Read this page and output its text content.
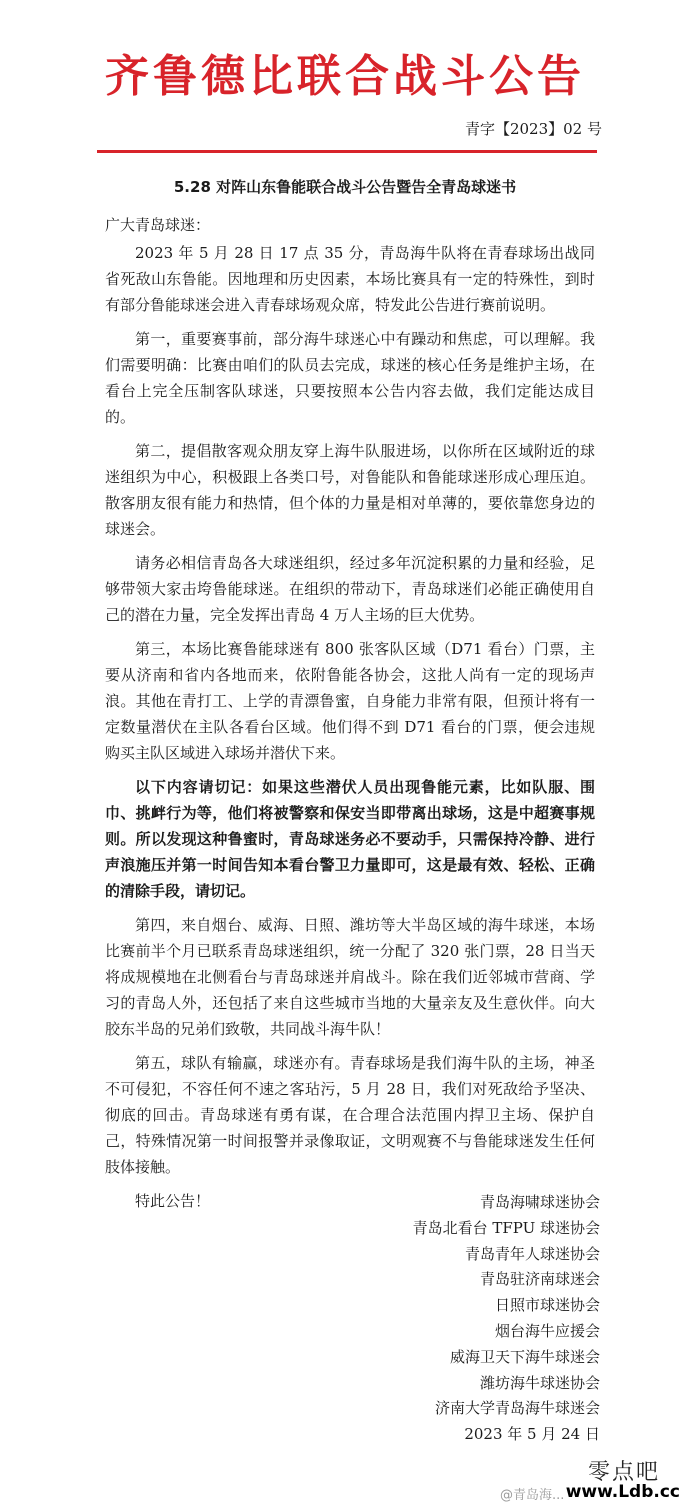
齐鲁德比联合战斗公告
青字【2023】02 号
5.28 对阵山东鲁能联合战斗公告暨告全青岛球迷书

广大青岛球迷：

2023 年 5 月 28 日 17 点 35 分，青岛海牛队将在青春球场出战同省死敌山东鲁能。因地理和历史因素，本场比赛具有一定的特殊性，到时有部分鲁能球迷会进入青春球场观众席，特发此公告进行赛前说明。

第一，重要赛事前，部分海牛球迷心中有躁动和焦虑，可以理解。我们需要明确：比赛由咱们的队员去完成，球迷的核心任务是维护主场，在看台上完全压制客队球迷，只要按照本公告内容去做，我们定能达成目的。

第二，提倡散客观众朋友穿上海牛队服进场，以你所在区域附近的球迷组织为中心，积极跟上各类口号，对鲁能队和鲁能球迷形成心理压迫。散客朋友很有能力和热情，但个体的力量是相对单薄的，要依靠您身边的球迷会。

请务必相信青岛各大球迷组织，经过多年沉淀积累的力量和经验，足够带领大家击垮鲁能球迷。在组织的带动下，青岛球迷们必能正确使用自己的潜在力量，完全发挥出青岛 4 万人主场的巨大优势。

第三，本场比赛鲁能球迷有 800 张客队区域（D71 看台）门票，主要从济南和省内各地而来，依附鲁能各协会，这批人尚有一定的现场声浪。其他在青打工、上学的青漂鲁蜜，自身能力非常有限，但预计将有一定数量潜伏在主队各看台区域。他们得不到 D71 看台的门票，便会违规购买主队区域进入球场并潜伏下来。

以下内容请切记：如果这些潜伏人员出现鲁能元素，比如队服、围巾、挑衅行为等，他们将被警察和保安当即带离出球场，这是中超赛事规则。所以发现这种鲁蜜时，青岛球迷务必不要动手，只需保持冷静、进行声浪施压并第一时间告知本看台警卫力量即可，这是最有效、轻松、正确的清除手段，请切记。

第四，来自烟台、威海、日照、潍坊等大半岛区域的海牛球迷，本场比赛前半个月已联系青岛球迷组织，统一分配了 320 张门票，28 日当天将成规模地在北侧看台与青岛球迷并肩战斗。除在我们近邻城市营商、学习的青岛人外，还包括了来自这些城市当地的大量亲友及生意伙伴。向大胶东半岛的兄弟们致敬，共同战斗海牛队！

第五，球队有输赢，球迷亦有。青春球场是我们海牛队的主场，神圣不可侵犯，不容任何不速之客玷污，5 月 28 日，我们对死敌给予坚决、彻底的回击。青岛球迷有勇有谋，在合理合法范围内捍卫主场、保护自己，特殊情况第一时间报警并录像取证，文明观赛不与鲁能球迷发生任何肢体接触。

特此公告！	青岛海啸球迷协会
青岛北看台 TFPU 球迷协会
青岛青年人球迷协会
青岛驻济南球迷会
日照市球迷协会
烟台海牛应援会
威海卫天下海牛球迷会
潍坊海牛球迷协会
济南大学青岛海牛球迷会
2023 年 5 月 24 日
@青岛海...
零点吧
www.Ldb.cc
